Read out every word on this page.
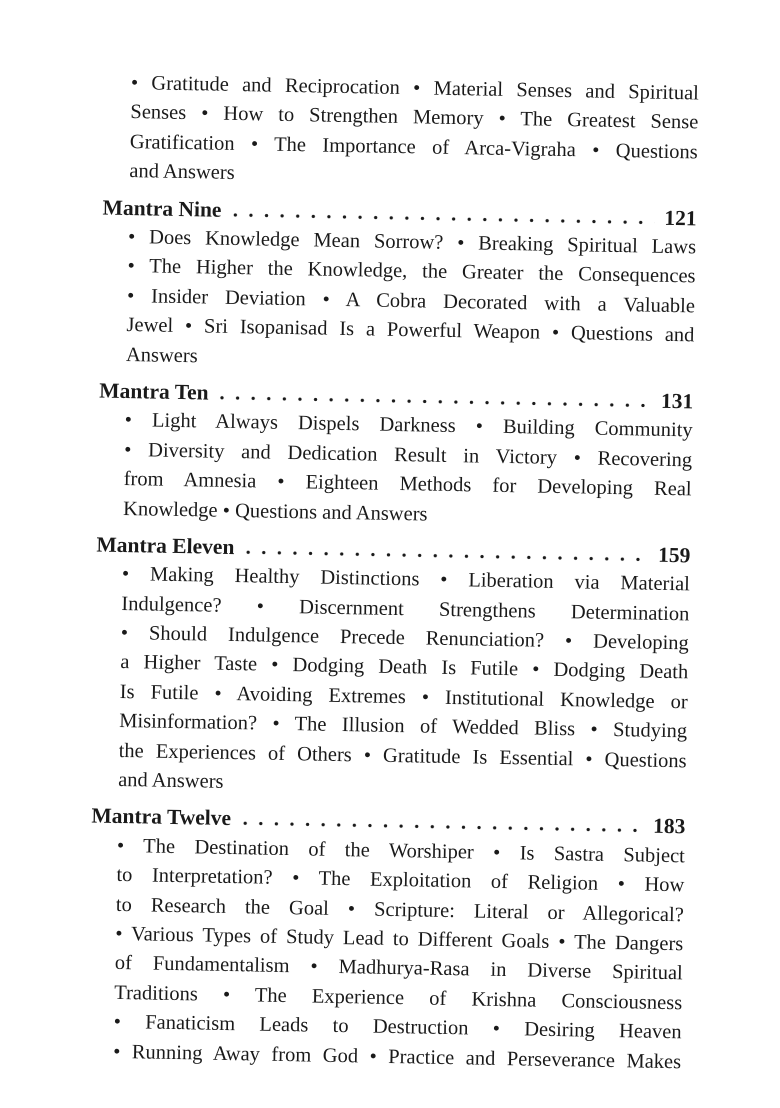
• Gratitude and Reciprocation • Material Senses and Spiritual
Senses • How to Strengthen Memory • The Greatest Sense
Gratification • The Importance of Arca-Vigraha • Questions
and Answers
Mantra Nine	121
• Does Knowledge Mean Sorrow? • Breaking Spiritual Laws
• The Higher the Knowledge, the Greater the Consequences
• Insider Deviation • A Cobra Decorated with a Valuable
Jewel • Sri Isopanisad Is a Powerful Weapon • Questions and
Answers
Mantra Ten	131
• Light Always Dispels Darkness • Building Community
• Diversity and Dedication Result in Victory • Recovering
from Amnesia • Eighteen Methods for Developing Real
Knowledge • Questions and Answers
Mantra Eleven	159
• Making Healthy Distinctions • Liberation via Material
Indulgence? • Discernment Strengthens Determination
• Should Indulgence Precede Renunciation? • Developing
a Higher Taste • Dodging Death Is Futile • Dodging Death
Is Futile • Avoiding Extremes • Institutional Knowledge or
Misinformation? • The Illusion of Wedded Bliss • Studying
the Experiences of Others • Gratitude Is Essential • Questions
and Answers
Mantra Twelve	183
• The Destination of the Worshiper • Is Sastra Subject
to Interpretation? • The Exploitation of Religion • How
to Research the Goal • Scripture: Literal or Allegorical?
• Various Types of Study Lead to Different Goals • The Dangers
of Fundamentalism • Madhurya-Rasa in Diverse Spiritual
Traditions • The Experience of Krishna Consciousness
• Fanaticism Leads to Destruction • Desiring Heaven
• Running Away from God • Practice and Perseverance Makes
